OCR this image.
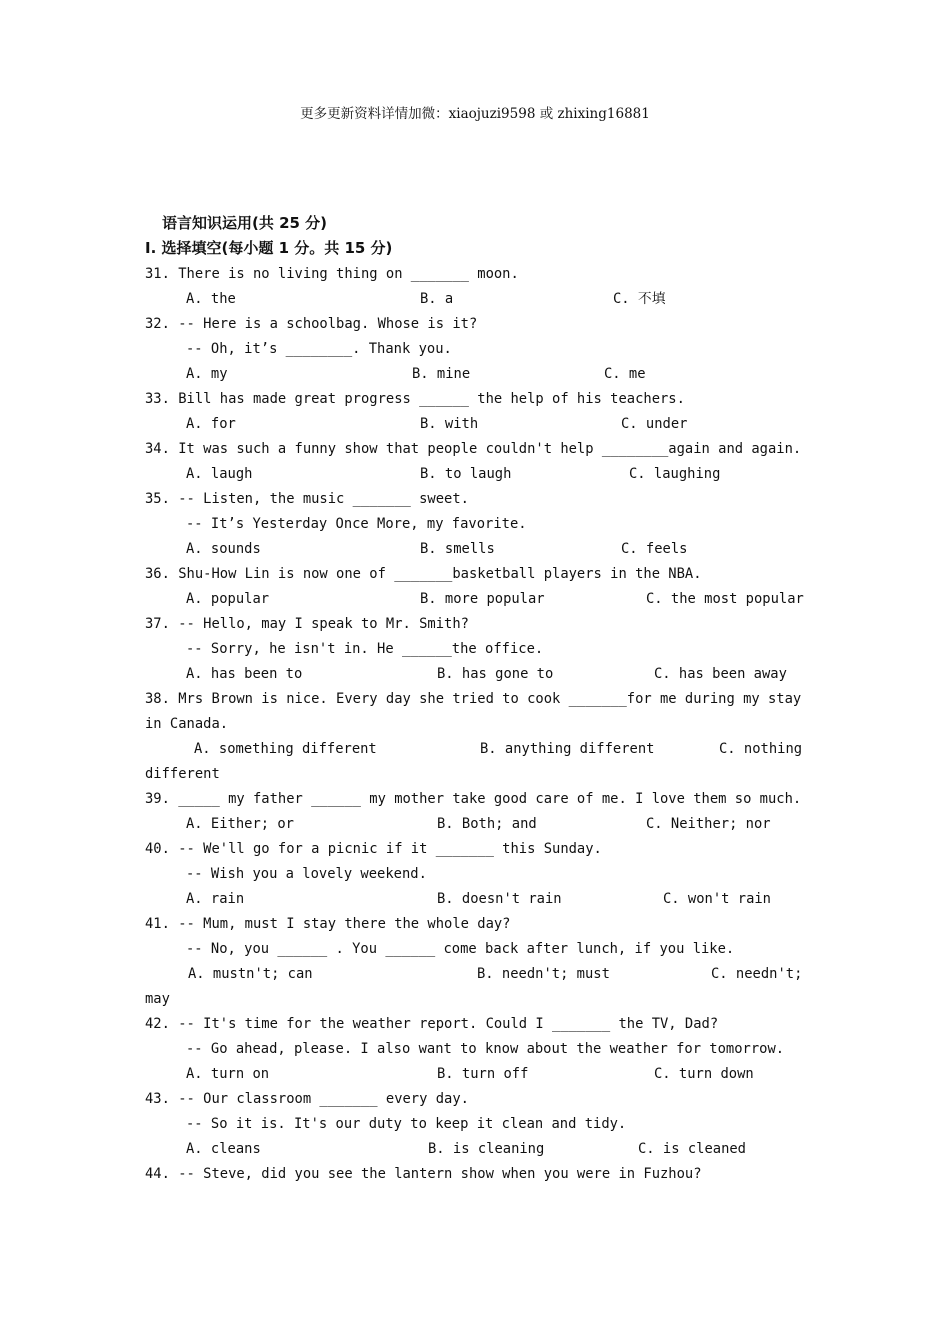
更多更新资料详情加微：xiaojuzi9598 或 zhixing16881
语言知识运用(共 25 分)
I. 选择填空(每小题 1 分。共 15 分)
31. There is no living thing on _______ moon.
A. the	B. a	C. 不填
32. -- Here is a schoolbag. Whose is it?
-- Oh, it’s ________. Thank you.
A. my	B. mine	C. me
33. Bill has made great progress ______ the help of his teachers.
A. for	B. with	C. under
34. It was such a funny show that people couldn't help ________again and again.
A. laugh	B. to laugh	C. laughing
35. -- Listen, the music _______ sweet.
-- It’s Yesterday Once More, my favorite.
A. sounds	B. smells	C. feels
36. Shu-How Lin is now one of _______basketball players in the NBA.
A. popular	B. more popular	C. the most popular
37. -- Hello, may I speak to Mr. Smith?
-- Sorry, he isn't in. He ______the office.
A. has been to	B. has gone to	C. has been away
38. Mrs Brown is nice. Every day she tried to cook _______for me during my stay
in Canada.
A. something different	B. anything different	C. nothing
different
39. _____ my father ______ my mother take good care of me. I love them so much.
A. Either; or	B. Both; and	C. Neither; nor
40. -- We'll go for a picnic if it _______ this Sunday.
-- Wish you a lovely weekend.
A. rain	B. doesn't rain	C. won't rain
41. -- Mum, must I stay there the whole day?
-- No, you ______ . You ______ come back after lunch, if you like.
A. mustn't; can	B. needn't; must	C. needn't;
may
42. -- It's time for the weather report. Could I _______ the TV, Dad?
-- Go ahead, please. I also want to know about the weather for tomorrow.
A. turn on	B. turn off	C. turn down
43. -- Our classroom _______ every day.
-- So it is. It's our duty to keep it clean and tidy.
A. cleans	B. is cleaning	C. is cleaned
44. -- Steve, did you see the lantern show when you were in Fuzhou?
